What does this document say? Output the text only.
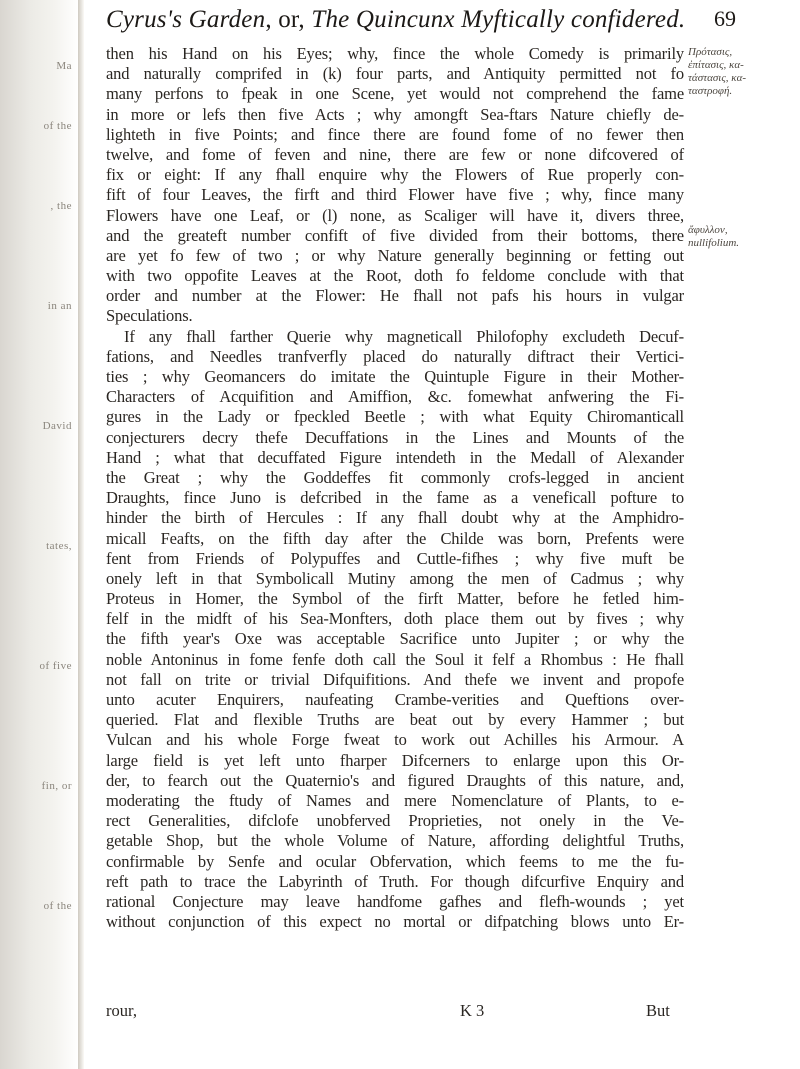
Ma
of the
, the
in an
David
tates,
of five
fin, or
of the
Cyrus's Garden, or, The Quincunx Myftically confidered. 69
then his Hand on his Eyes; why, fince the whole Comedy is primarily
and naturally comprifed in (k) four parts, and Antiquity permitted not fo
many perfons to fpeak in one Scene, yet would not comprehend the fame
in more or lefs then five Acts ; why amongft Sea-ftars Nature chiefly de-
lighteth in five Points; and fince there are found fome of no fewer then
twelve, and fome of feven and nine, there are few or none difcovered of
fix or eight: If any fhall enquire why the Flowers of Rue properly con-
fift of four Leaves, the firft and third Flower have five ; why, fince many
Flowers have one Leaf, or (l) none, as Scaliger will have it, divers three,
and the greateft number confift of five divided from their bottoms, there
are yet fo few of two ; or why Nature generally beginning or fetting out
with two oppofite Leaves at the Root, doth fo feldome conclude with that
order and number at the Flower: He fhall not pafs his hours in vulgar
Speculations.
If any fhall farther Querie why magneticall Philofophy excludeth Decuf-
fations, and Needles tranfverfly placed do naturally diftract their Vertici-
ties ; why Geomancers do imitate the Quintuple Figure in their Mother-
Characters of Acquifition and Amiffion, &c. fomewhat anfwering the Fi-
gures in the Lady or fpeckled Beetle ; with what Equity Chiromanticall
conjecturers decry thefe Decuffations in the Lines and Mounts of the
Hand ; what that decuffated Figure intendeth in the Medall of Alexander
the Great ; why the Goddeffes fit commonly crofs-legged in ancient
Draughts, fince Juno is defcribed in the fame as a veneficall pofture to
hinder the birth of Hercules : If any fhall doubt why at the Amphidro-
micall Feafts, on the fifth day after the Childe was born, Prefents were
fent from Friends of Polypuffes and Cuttle-fifhes ; why five muft be
onely left in that Symbolicall Mutiny among the men of Cadmus ; why
Proteus in Homer, the Symbol of the firft Matter, before he fetled him-
felf in the midft of his Sea-Monfters, doth place them out by fives ; why
the fifth year's Oxe was acceptable Sacrifice unto Jupiter ; or why the
noble Antoninus in fome fenfe doth call the Soul it felf a Rhombus : He fhall
not fall on trite or trivial Difquifitions. And thefe we invent and propofe
unto acuter Enquirers, naufeating Crambe-verities and Queftions over-
queried. Flat and flexible Truths are beat out by every Hammer ; but
Vulcan and his whole Forge fweat to work out Achilles his Armour. A
large field is yet left unto fharper Difcerners to enlarge upon this Or-
der, to fearch out the Quaternio's and figured Draughts of this nature, and,
moderating the ftudy of Names and mere Nomenclature of Plants, to e-
rect Generalities, difclofe unobferved Proprieties, not onely in the Ve-
getable Shop, but the whole Volume of Nature, affording delightful Truths,
confirmable by Senfe and ocular Obfervation, which feems to me the fu-
reft path to trace the Labyrinth of Truth. For though difcurfive Enquiry and
rational Conjecture may leave handfome gafhes and flefh-wounds ; yet
without conjunction of this expect no mortal or difpatching blows unto Er-
Πρότασις,
ἐπίτασις, κα-
τάστασις, κα-
ταστροφή.
ἄφυλλον,
nullifolium.
rour,	K 3	But
